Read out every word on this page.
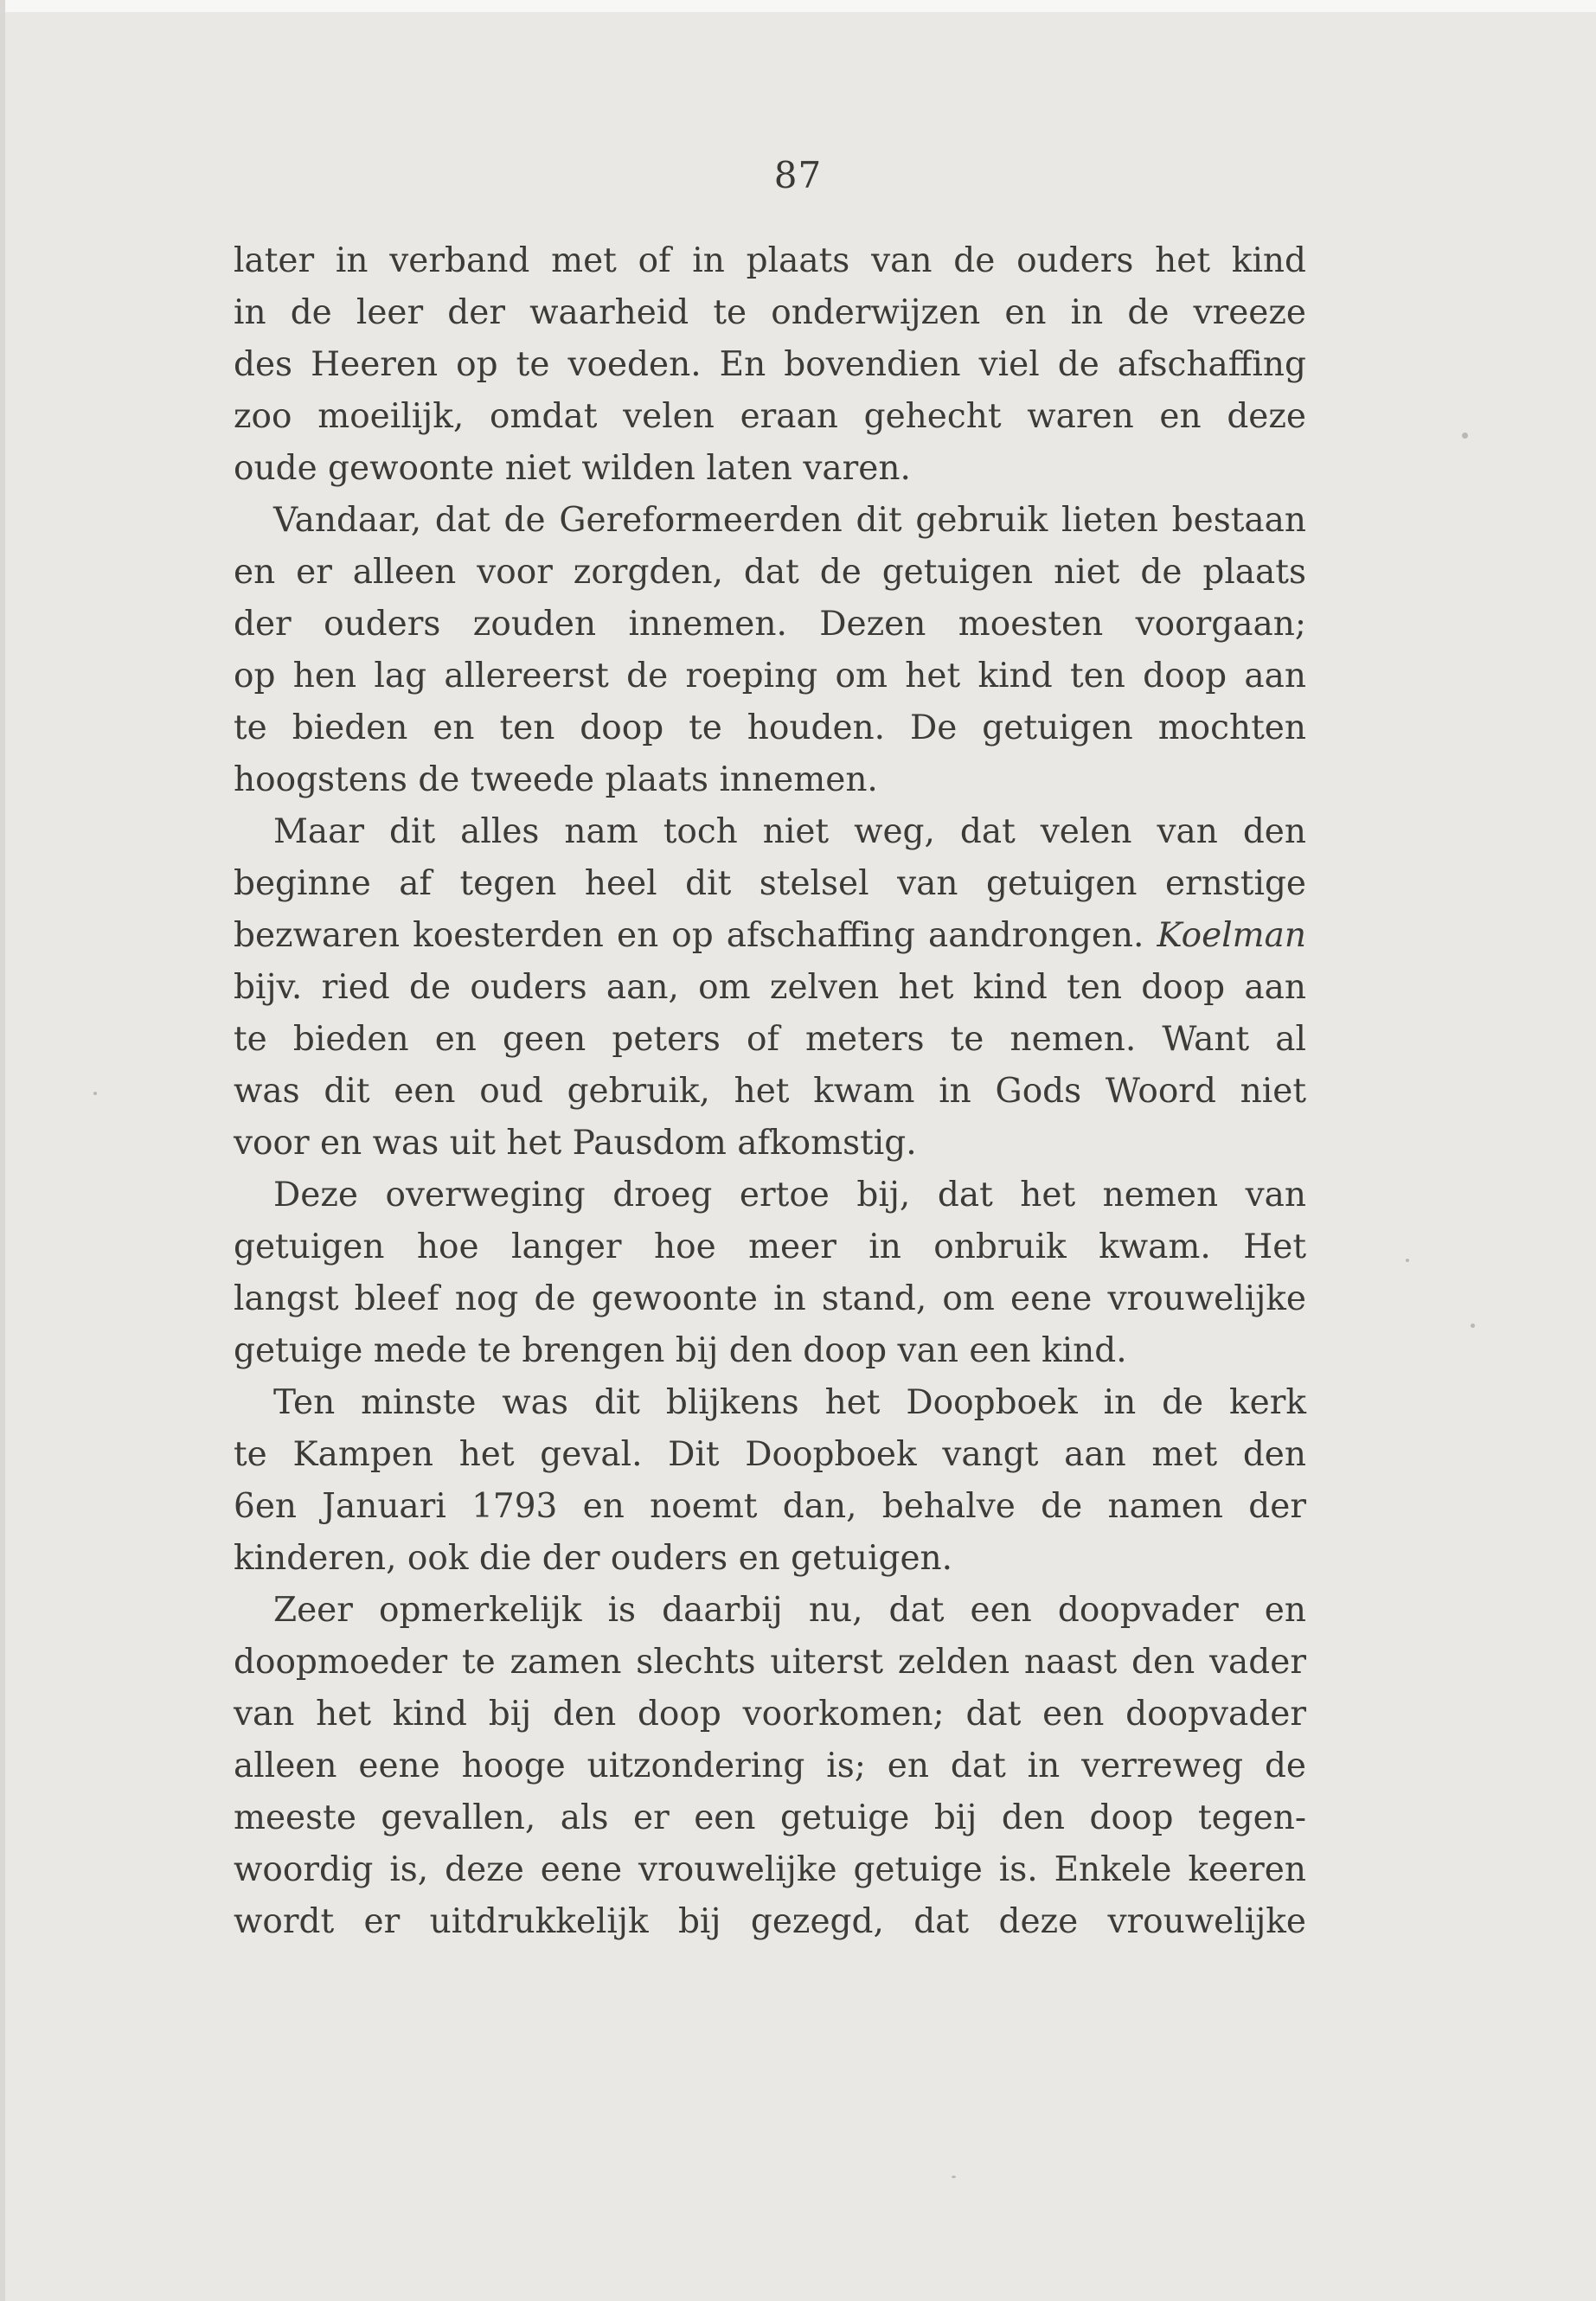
87
later in verband met of in plaats van de ouders het kind
in de leer der waarheid te onderwijzen en in de vreeze
des Heeren op te voeden. En bovendien viel de afschaffing
zoo moeilijk, omdat velen eraan gehecht waren en deze
oude gewoonte niet wilden laten varen.
Vandaar, dat de Gereformeerden dit gebruik lieten bestaan
en er alleen voor zorgden, dat de getuigen niet de plaats
der ouders zouden innemen. Dezen moesten voorgaan;
op hen lag allereerst de roeping om het kind ten doop aan
te bieden en ten doop te houden. De getuigen mochten
hoogstens de tweede plaats innemen.
Maar dit alles nam toch niet weg, dat velen van den
beginne af tegen heel dit stelsel van getuigen ernstige
bezwaren koesterden en op afschaffing aandrongen. Koelman
bijv. ried de ouders aan, om zelven het kind ten doop aan
te bieden en geen peters of meters te nemen. Want al
was dit een oud gebruik, het kwam in Gods Woord niet
voor en was uit het Pausdom afkomstig.
Deze overweging droeg ertoe bij, dat het nemen van
getuigen hoe langer hoe meer in onbruik kwam. Het
langst bleef nog de gewoonte in stand, om eene vrouwelijke
getuige mede te brengen bij den doop van een kind.
Ten minste was dit blijkens het Doopboek in de kerk
te Kampen het geval. Dit Doopboek vangt aan met den
6en Januari 1793 en noemt dan, behalve de namen der
kinderen, ook die der ouders en getuigen.
Zeer opmerkelijk is daarbij nu, dat een doopvader en
doopmoeder te zamen slechts uiterst zelden naast den vader
van het kind bij den doop voorkomen; dat een doopvader
alleen eene hooge uitzondering is; en dat in verreweg de
meeste gevallen, als er een getuige bij den doop tegen-
woordig is, deze eene vrouwelijke getuige is. Enkele keeren
wordt er uitdrukkelijk bij gezegd, dat deze vrouwelijke
